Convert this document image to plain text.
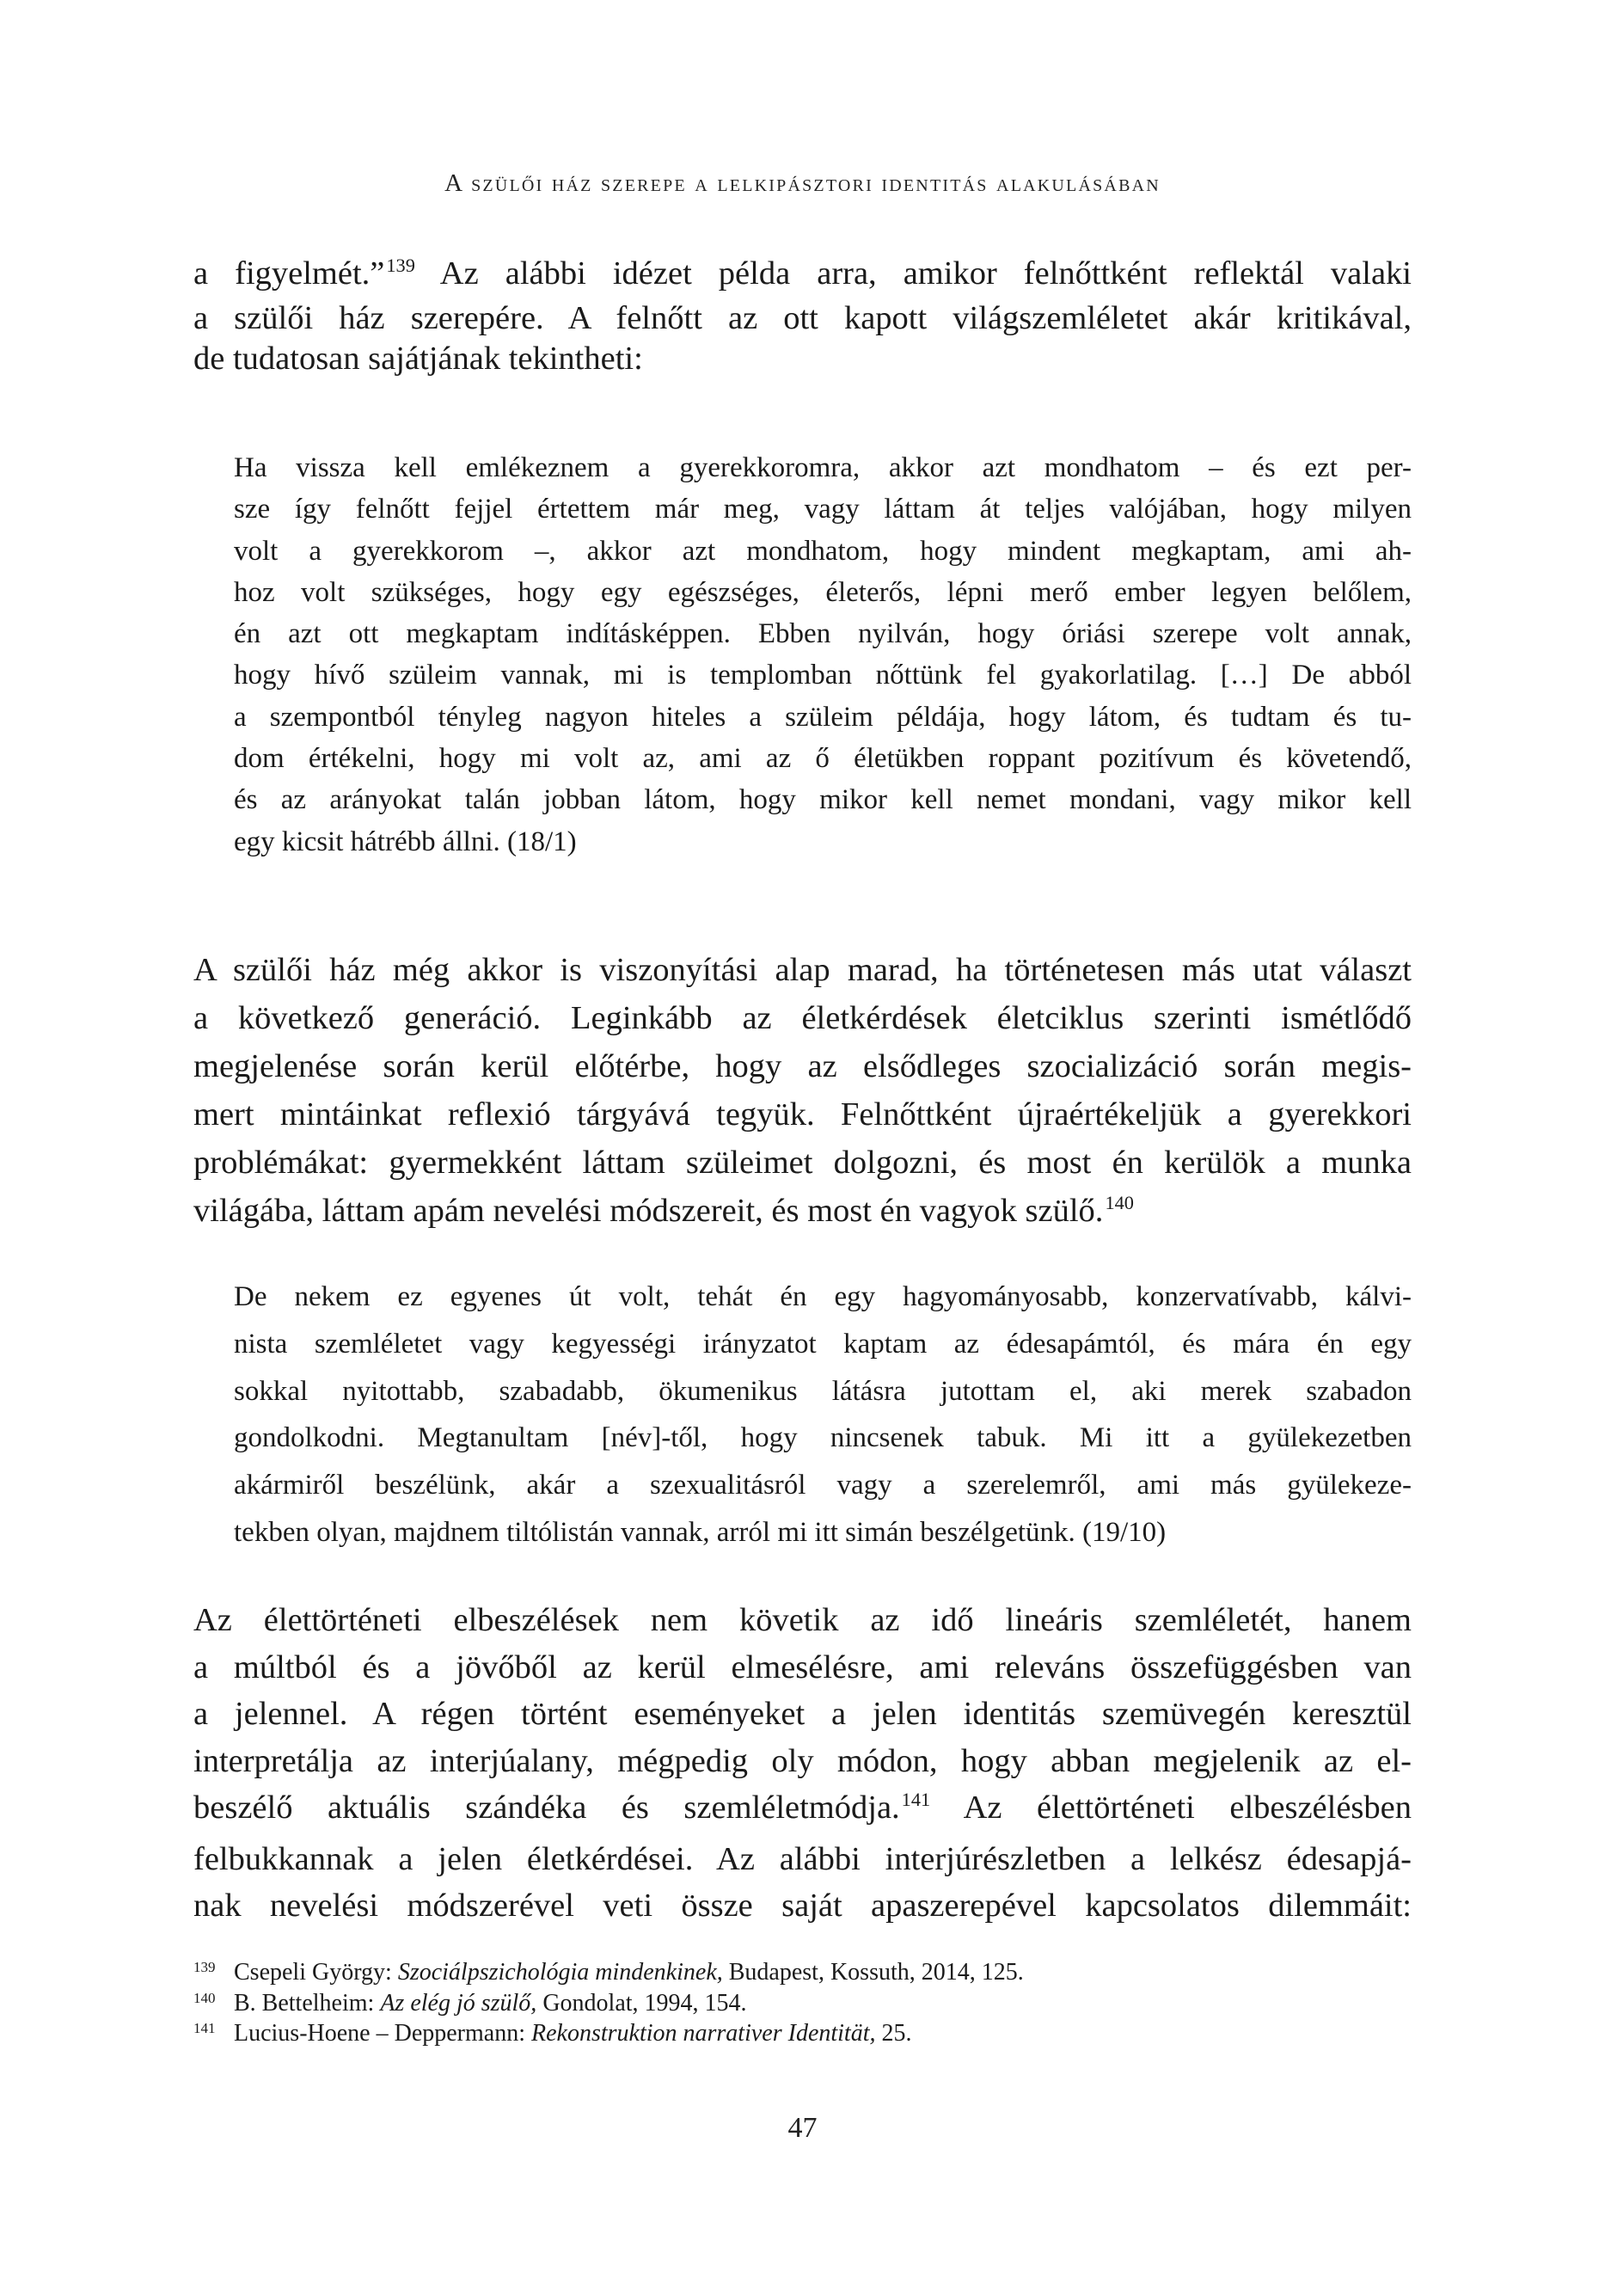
A szülői ház szerepe a lelkipásztori identitás alakulásában
a figyelmét.”$^{139}$ Az alábbi idézet példa arra, amikor felnőttként reflektál valaki
a szülői ház szerepére. A felnőtt az ott kapott világszemléletet akár kritikával,
de tudatosan sajátjának tekintheti:
Ha vissza kell emlékeznem a gyerekkoromra, akkor azt mondhatom – és ezt per-
sze így felnőtt fejjel értettem már meg, vagy láttam át teljes valójában, hogy milyen
volt a gyerekkorom –, akkor azt mondhatom, hogy mindent megkaptam, ami ah-
hoz volt szükséges, hogy egy egészséges, életerős, lépni merő ember legyen belőlem,
én azt ott megkaptam indításképpen. Ebben nyilván, hogy óriási szerepe volt annak,
hogy hívő szüleim vannak, mi is templomban nőttünk fel gyakorlatilag. […] De abból
a szempontból tényleg nagyon hiteles a szüleim példája, hogy látom, és tudtam és tu-
dom értékelni, hogy mi volt az, ami az ő életükben roppant pozitívum és követendő,
és az arányokat talán jobban látom, hogy mikor kell nemet mondani, vagy mikor kell
egy kicsit hátrébb állni. (18/1)
A szülői ház még akkor is viszonyítási alap marad, ha történetesen más utat választ
a következő generáció. Leginkább az életkérdések életciklus szerinti ismétlődő
megjelenése során kerül előtérbe, hogy az elsődleges szocializáció során megis-
mert mintáinkat reflexió tárgyává tegyük. Felnőttként újraértékeljük a gyerekkori
problémákat: gyermekként láttam szüleimet dolgozni, és most én kerülök a munka
világába, láttam apám nevelési módszereit, és most én vagyok szülő.$^{140}$
De nekem ez egyenes út volt, tehát én egy hagyományosabb, konzervatívabb, kálvi-
nista szemléletet vagy kegyességi irányzatot kaptam az édesapámtól, és mára én egy
sokkal nyitottabb, szabadabb, ökumenikus látásra jutottam el, aki merek szabadon
gondolkodni. Megtanultam [név]-től, hogy nincsenek tabuk. Mi itt a gyülekezetben
akármiről beszélünk, akár a szexualitásról vagy a szerelemről, ami más gyülekeze-
tekben olyan, majdnem tiltólistán vannak, arról mi itt simán beszélgetünk. (19/10)
Az élettörténeti elbeszélések nem követik az idő lineáris szemléletét, hanem
a múltból és a jövőből az kerül elmesélésre, ami releváns összefüggésben van
a jelennel. A régen történt eseményeket a jelen identitás szemüvegén keresztül
interpretálja az interjúalany, mégpedig oly módon, hogy abban megjelenik az el-
beszélő aktuális szándéka és szemléletmódja.$^{141}$ Az élettörténeti elbeszélésben
felbukkannak a jelen életkérdései. Az alábbi interjúrészletben a lelkész édesapjá-
nak nevelési módszerével veti össze saját apaszerepével kapcsolatos dilemmáit:
139 Csepeli György: Szociálpszichológia mindenkinek, Budapest, Kossuth, 2014, 125.
140 B. Bettelheim: Az elég jó szülő, Gondolat, 1994, 154.
141 Lucius-Hoene – Deppermann: Rekonstruktion narrativer Identität, 25.
47
